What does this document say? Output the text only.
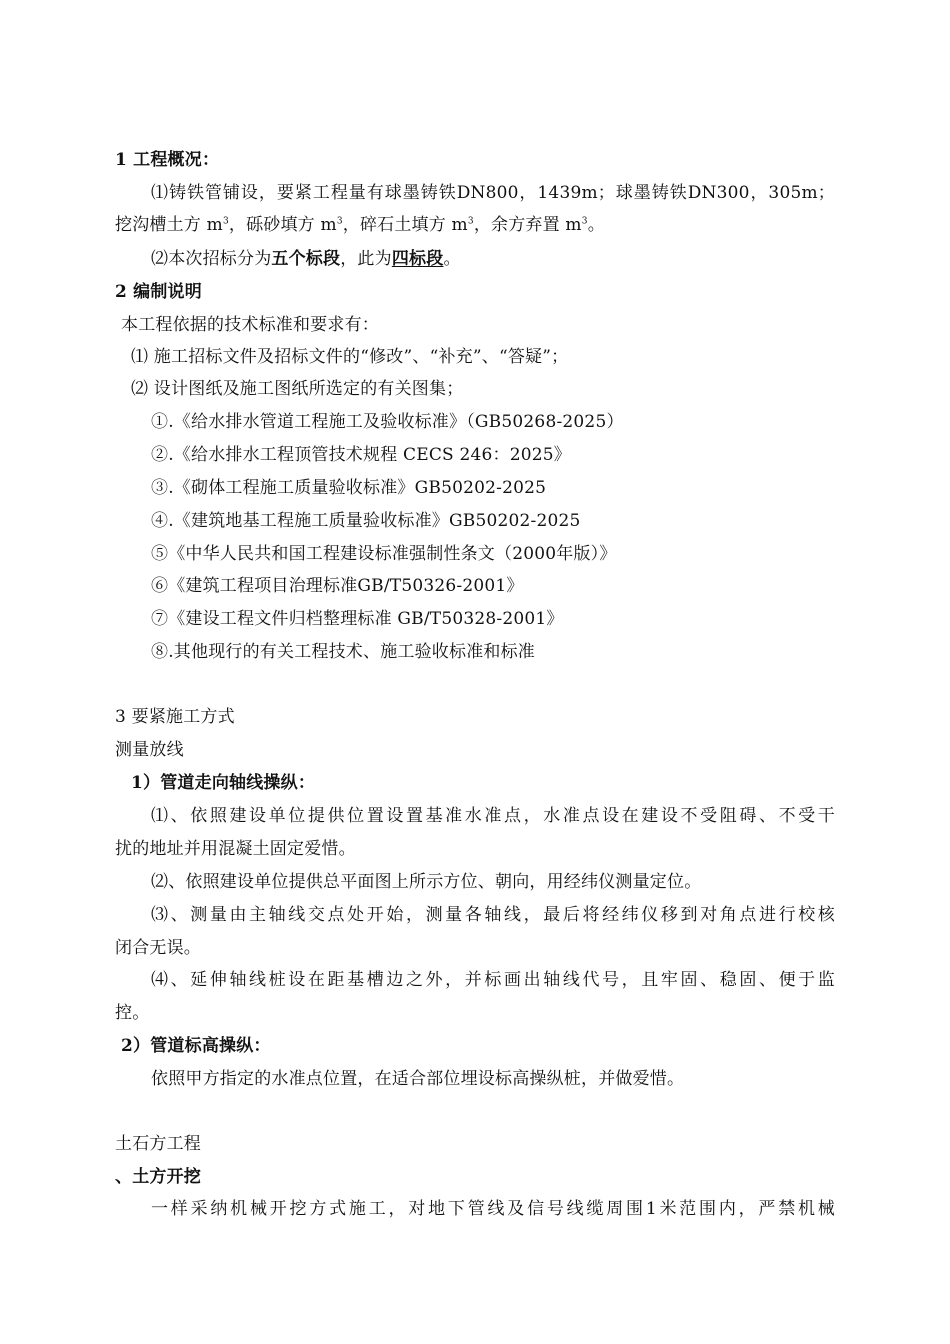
1 工程概况：
⑴铸铁管铺设，要紧工程量有球墨铸铁DN800，1439m；球墨铸铁DN300，305m；
挖沟槽土方 $m^3$，砾砂填方 $m^3$，碎石土填方 $m^3$，余方弃置 $m^3$。
⑵本次招标分为五个标段，此为四标段。
2 编制说明
本工程依据的技术标准和要求有：
⑴ 施工招标文件及招标文件的“修改”、“补充”、“答疑”；
⑵ 设计图纸及施工图纸所选定的有关图集；
①.《给水排水管道工程施工及验收标准》（GB50268-2025）
②.《给水排水工程顶管技术规程 CECS 246：2025》
③.《砌体工程施工质量验收标准》GB50202-2025
④.《建筑地基工程施工质量验收标准》GB50202-2025
⑤《中华人民共和国工程建设标准强制性条文（2000年版）》
⑥《建筑工程项目治理标准GB/T50326-2001》
⑦《建设工程文件归档整理标准 GB/T50328-2001》
⑧.其他现行的有关工程技术、施工验收标准和标准
3 要紧施工方式
测量放线
1）管道走向轴线操纵：
⑴、依照建设单位提供位置设置基准水准点，水准点设在建设不受阻碍、不受干
扰的地址并用混凝土固定爱惜。
⑵、依照建设单位提供总平面图上所示方位、朝向，用经纬仪测量定位。
⑶、测量由主轴线交点处开始，测量各轴线，最后将经纬仪移到对角点进行校核
闭合无误。
⑷、延伸轴线桩设在距基槽边之外，并标画出轴线代号，且牢固、稳固、便于监
控。
2）管道标高操纵：
依照甲方指定的水准点位置，在适合部位埋设标高操纵桩，并做爱惜。
土石方工程
、土方开挖
一样采纳机械开挖方式施工，对地下管线及信号线缆周围1米范围内，严禁机械
